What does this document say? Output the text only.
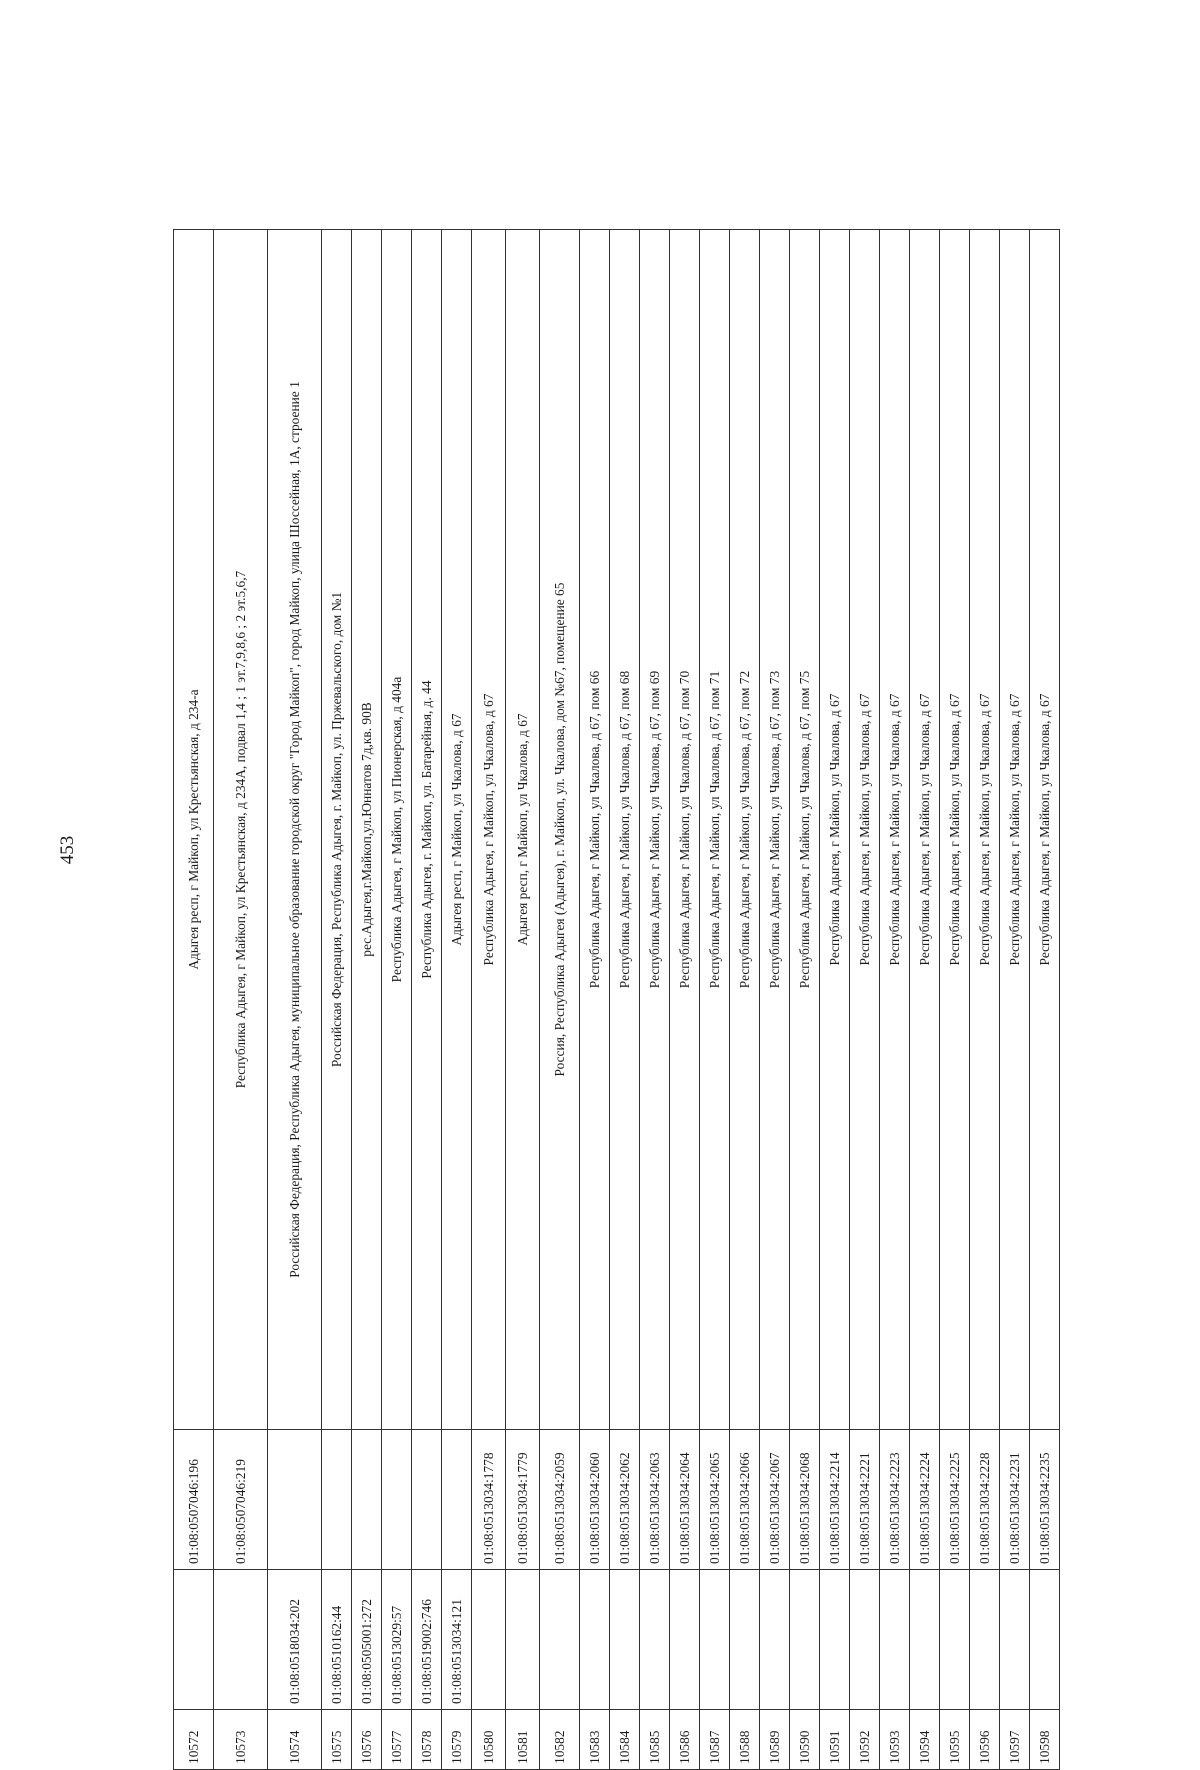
453
10572		01:08:0507046:196	Адыгея респ, г Майкоп, ул Крестьянская, д 234-а
10573		01:08:0507046:219	Республика Адыгея, г Майкоп, ул Крестьянская, д 234А, подвал 1,4 ; 1 эт.7,9,8,6 ; 2 эт.5,6,7
10574	01:08:0518034:202		Российская Федерация, Республика Адыгея, муниципальное образование городской округ "Город Майкоп", город Майкоп, улица Шоссейная, 1А, строение 1
10575	01:08:0510162:44		Российская Федерация, Республика Адыгея, г. Майкоп, ул. Пржевальского, дом №1
10576	01:08:0505001:272		рес.Адыгея,г.Майкоп,ул.Юннатов 7д,кв. 90В
10577	01:08:0513029:57		Республика Адыгея, г Майкоп, ул Пионерская, д 404а
10578	01:08:0519002:746		Республика Адыгея, г. Майкоп, ул. Батарейная, д. 44
10579	01:08:0513034:121		Адыгея респ, г Майкоп, ул Чкалова, д 67
10580		01:08:0513034:1778	Республика Адыгея, г Майкоп, ул Чкалова, д 67
10581		01:08:0513034:1779	Адыгея респ, г Майкоп, ул Чкалова, д 67
10582		01:08:0513034:2059	Россия, Республика Адыгея (Адыгея), г. Майкоп, ул. Чкалова, дом №67, помещение 65
10583		01:08:0513034:2060	Республика Адыгея, г Майкоп, ул Чкалова, д 67, пом 66
10584		01:08:0513034:2062	Республика Адыгея, г Майкоп, ул Чкалова, д 67, пом 68
10585		01:08:0513034:2063	Республика Адыгея, г Майкоп, ул Чкалова, д 67, пом 69
10586		01:08:0513034:2064	Республика Адыгея, г Майкоп, ул Чкалова, д 67, пом 70
10587		01:08:0513034:2065	Республика Адыгея, г Майкоп, ул Чкалова, д 67, пом 71
10588		01:08:0513034:2066	Республика Адыгея, г Майкоп, ул Чкалова, д 67, пом 72
10589		01:08:0513034:2067	Республика Адыгея, г Майкоп, ул Чкалова, д 67, пом 73
10590		01:08:0513034:2068	Республика Адыгея, г Майкоп, ул Чкалова, д 67, пом 75
10591		01:08:0513034:2214	Республика Адыгея, г Майкоп, ул Чкалова, д 67
10592		01:08:0513034:2221	Республика Адыгея, г Майкоп, ул Чкалова, д 67
10593		01:08:0513034:2223	Республика Адыгея, г Майкоп, ул Чкалова, д 67
10594		01:08:0513034:2224	Республика Адыгея, г Майкоп, ул Чкалова, д 67
10595		01:08:0513034:2225	Республика Адыгея, г Майкоп, ул Чкалова, д 67
10596		01:08:0513034:2228	Республика Адыгея, г Майкоп, ул Чкалова, д 67
10597		01:08:0513034:2231	Республика Адыгея, г Майкоп, ул Чкалова, д 67
10598		01:08:0513034:2235	Республика Адыгея, г Майкоп, ул Чкалова, д 67
